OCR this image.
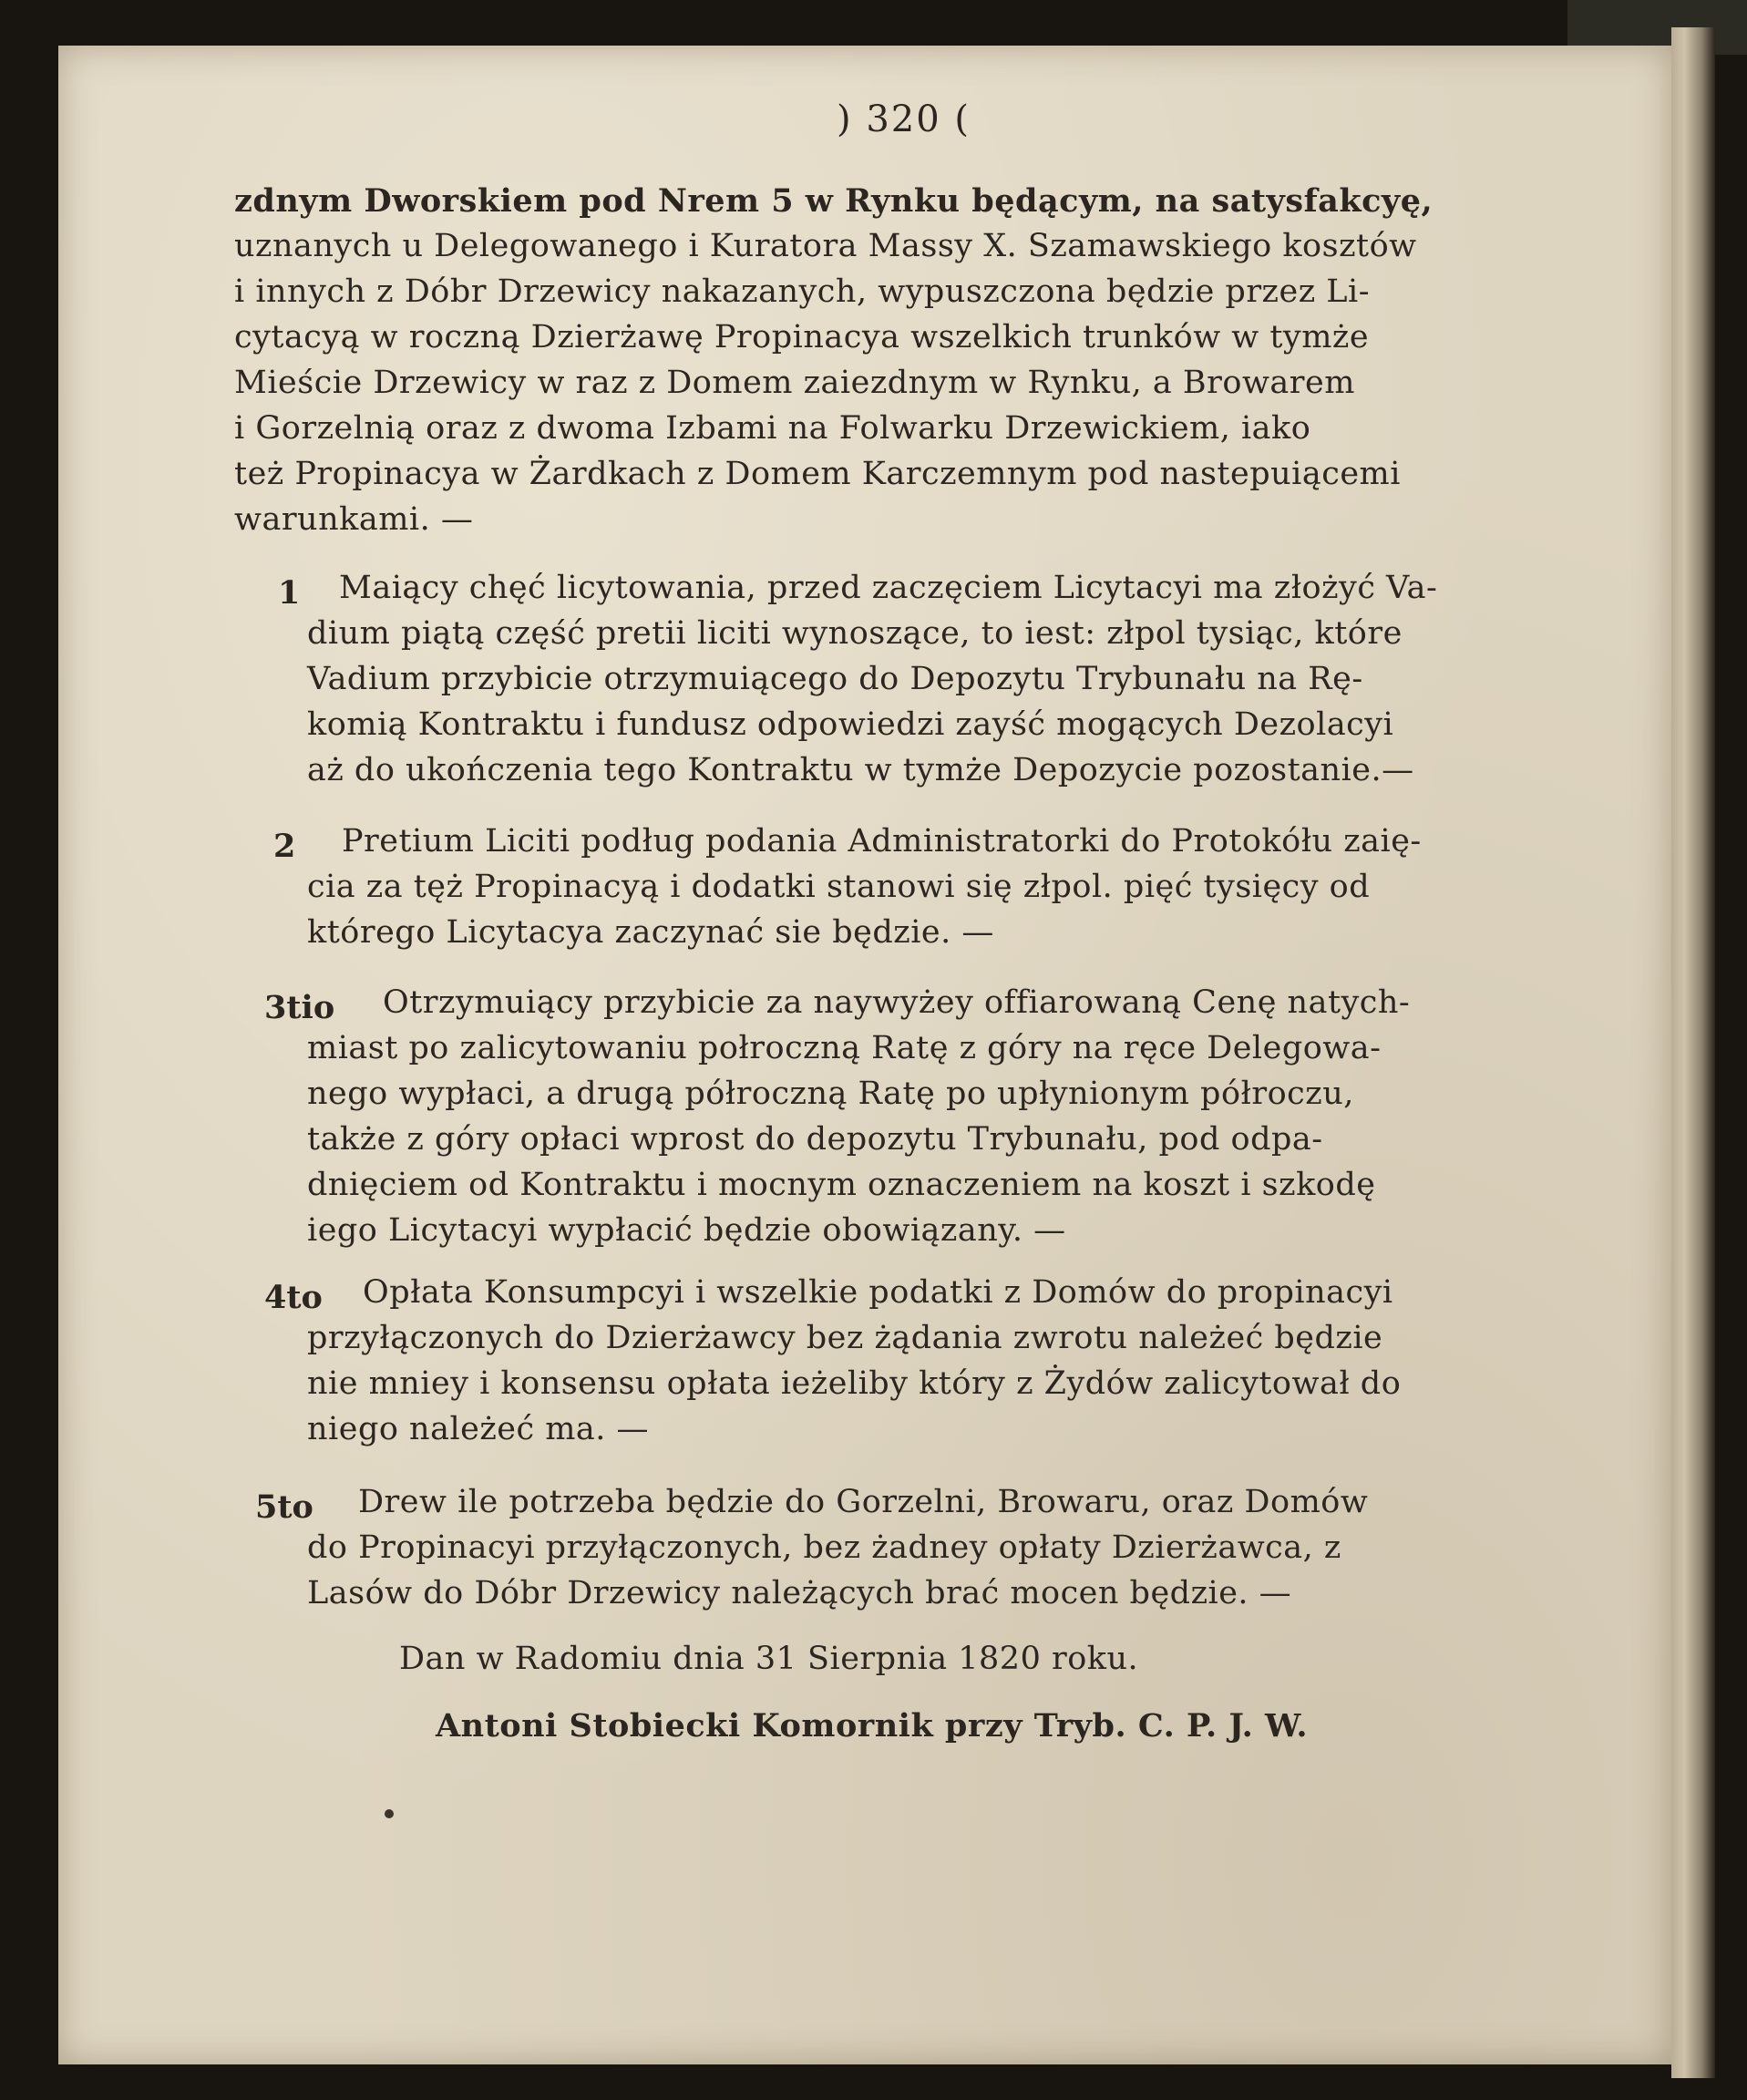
) 320 (
zdnym Dworskiem pod Nrem 5 w Rynku będącym, na satysfakcyę,
uznanych u Delegowanego i Kuratora Massy X. Szamawskiego kosztów
i innych z Dóbr Drzewicy nakazanych, wypuszczona będzie przez Li-
cytacyą w roczną Dzierżawę Propinacya wszelkich trunków w tymże
Mieście Drzewicy w raz z Domem zaiezdnym w Rynku, a Browarem
i Gorzelnią oraz z dwoma Izbami na Folwarku Drzewickiem, iako
też Propinacya w Żardkach z Domem Karczemnym pod nastepuiącemi
warunkami. —
1 Maiący chęć licytowania, przed zaczęciem Licytacyi ma złożyć Va-
dium piątą część pretii liciti wynoszące, to iest: złpol tysiąc, które
Vadium przybicie otrzymuiącego do Depozytu Trybunału na Rę-
komią Kontraktu i fundusz odpowiedzi zayść mogących Dezolacyi
aż do ukończenia tego Kontraktu w tymże Depozycie pozostanie.—
2 Pretium Liciti podług podania Administratorki do Protokółu zaię-
cia za tęż Propinacyą i dodatki stanowi się złpol. pięć tysięcy od
którego Licytacya zaczynać sie będzie. —
3tio Otrzymuiący przybicie za naywyżey offiarowaną Cenę natych-
miast po zalicytowaniu połroczną Ratę z góry na ręce Delegowa-
nego wypłaci, a drugą półroczną Ratę po upłynionym półroczu,
także z góry opłaci wprost do depozytu Trybunału, pod odpa-
dnięciem od Kontraktu i mocnym oznaczeniem na koszt i szkodę
iego Licytacyi wypłacić będzie obowiązany. —
4to Opłata Konsumpcyi i wszelkie podatki z Domów do propinacyi
przyłączonych do Dzierżawcy bez żądania zwrotu należeć będzie
nie mniey i konsensu opłata ieżeliby który z Żydów zalicytował do
niego należeć ma. —
5to Drew ile potrzeba będzie do Gorzelni, Browaru, oraz Domów
do Propinacyi przyłączonych, bez żadney opłaty Dzierżawca, z
Lasów do Dóbr Drzewicy należących brać mocen będzie. —
Dan w Radomiu dnia 31 Sierpnia 1820 roku.
Antoni Stobiecki Komornik przy Tryb. C. P. J. W.
